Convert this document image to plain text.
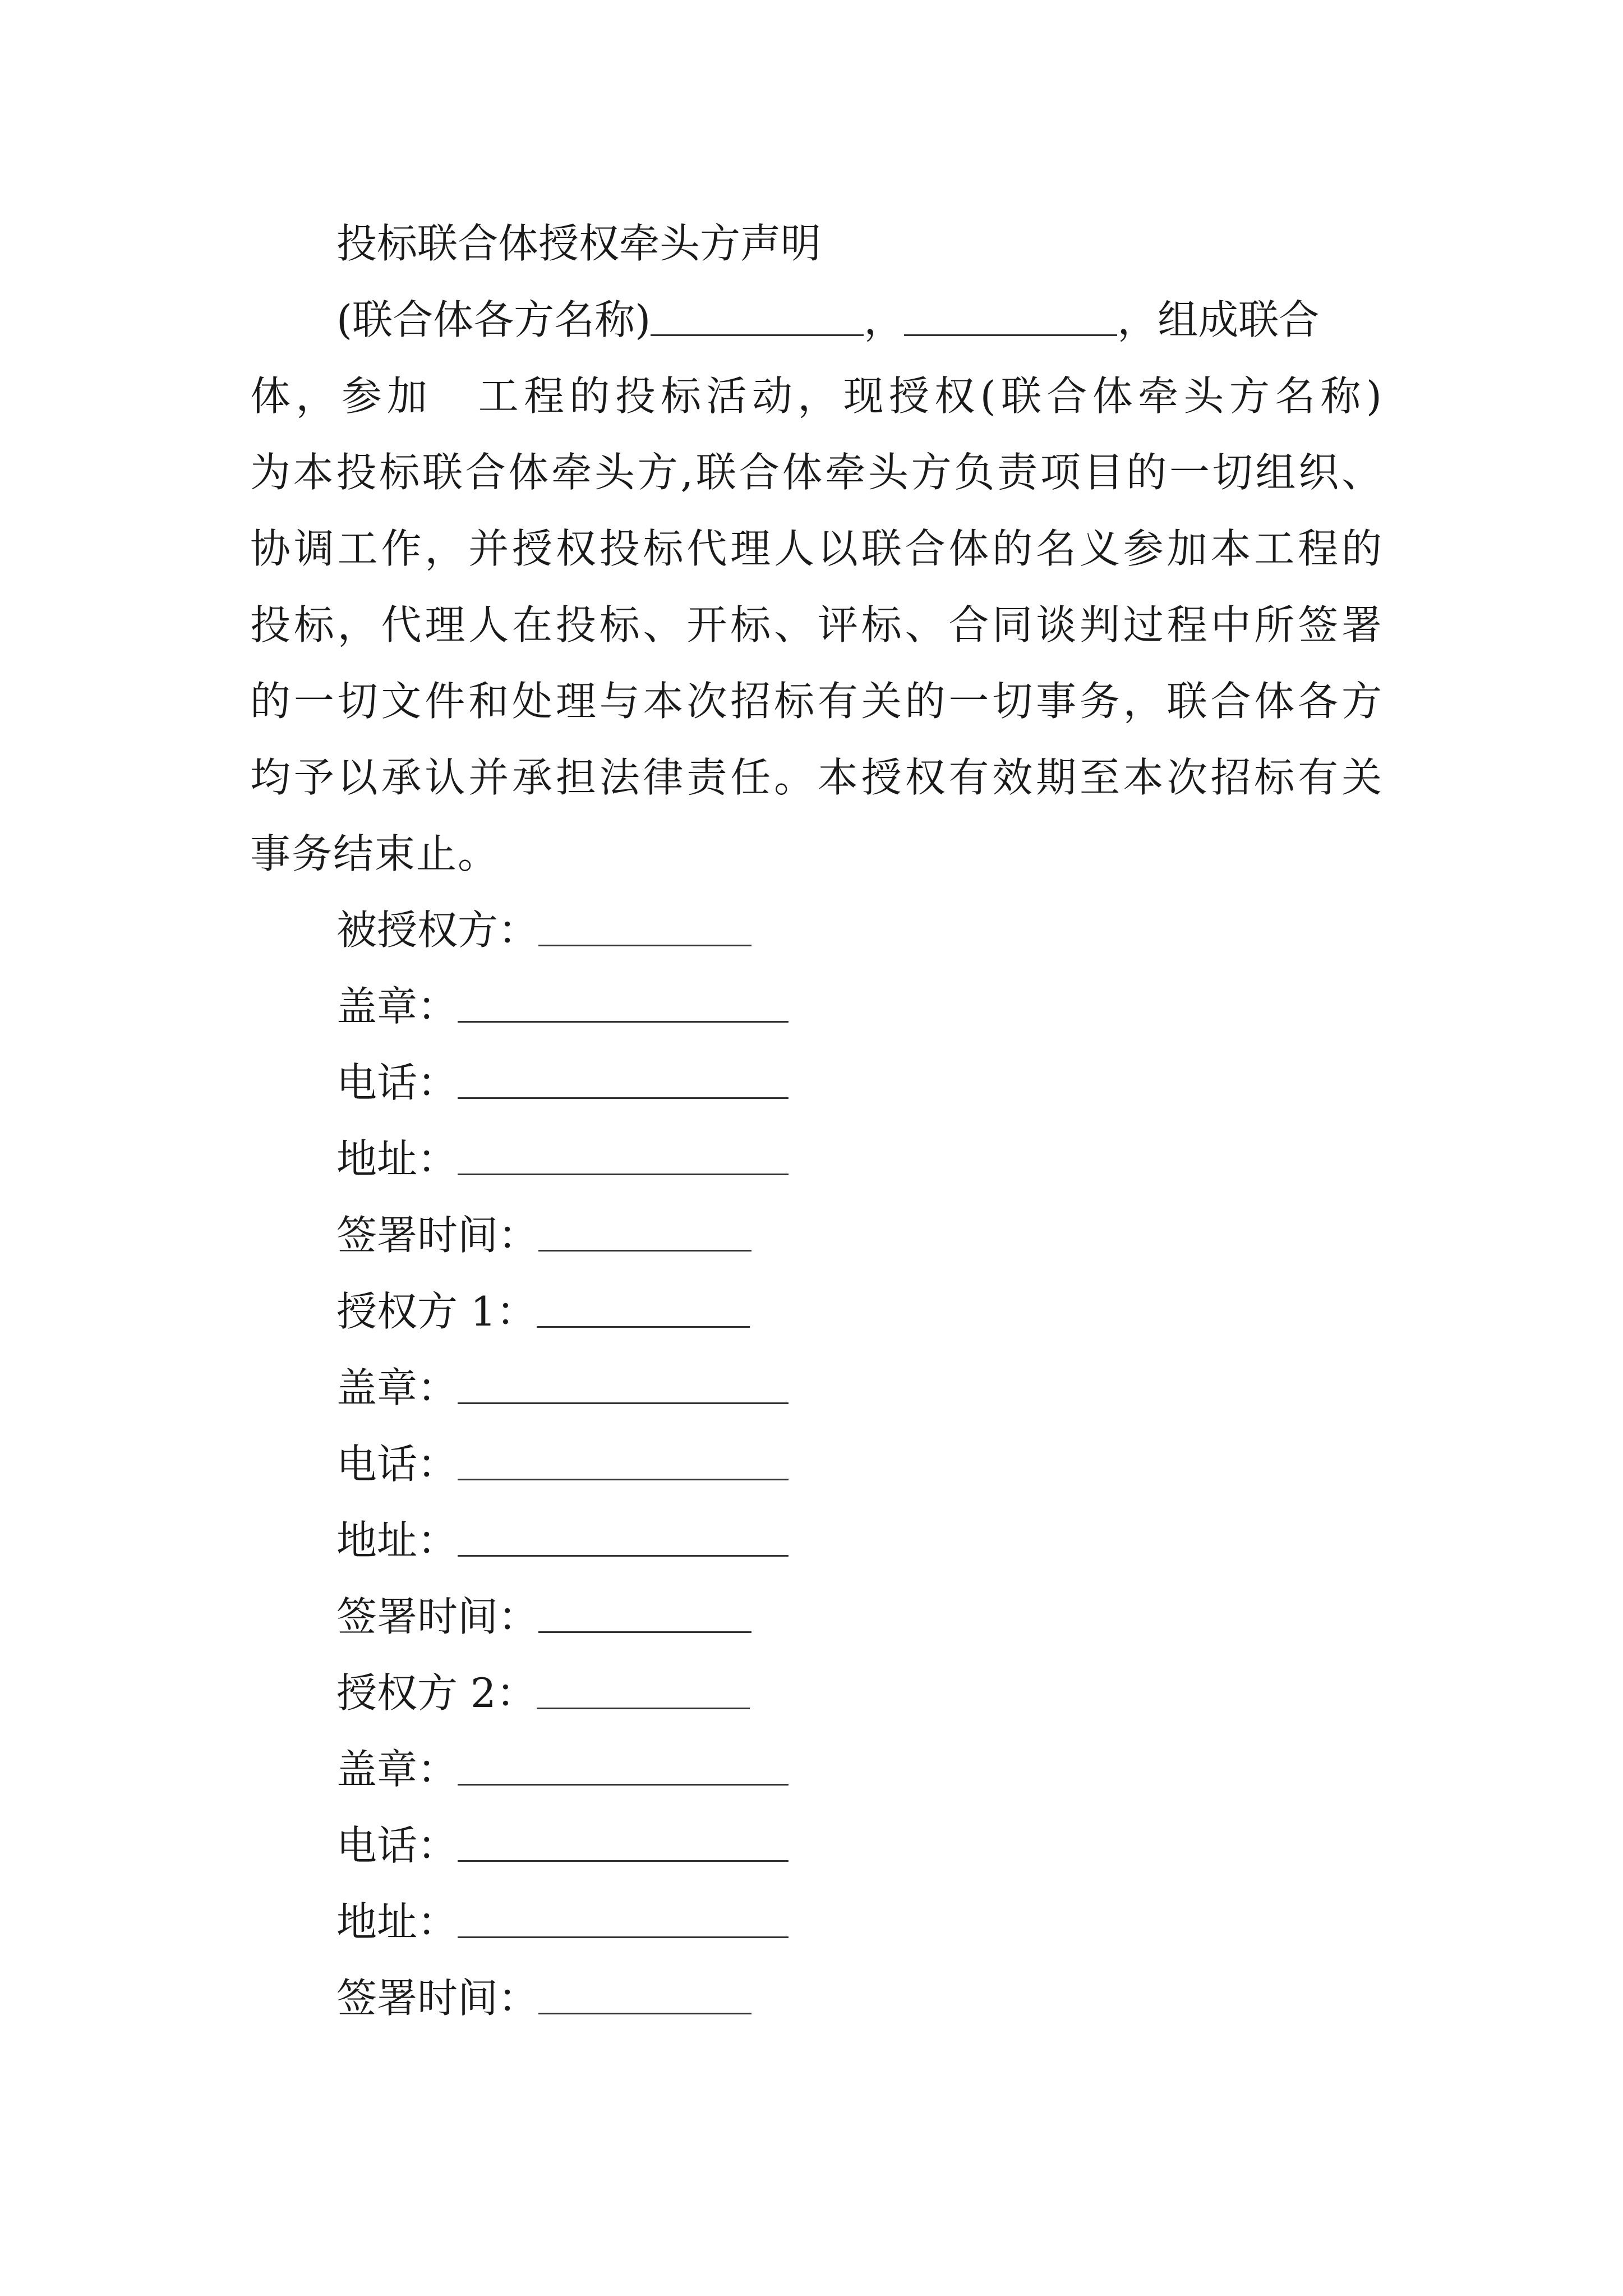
投标联合体授权牵头方声明
(联合体各方名称)	，	，组成联合
体，参加　工程的投标活动，现授权(联合体牵头方名称)
为本投标联合体牵头方,联合体牵头方负责项目的一切组织、
协调工作，并授权投标代理人以联合体的名义参加本工程的
投标，代理人在投标、开标、评标、合同谈判过程中所签署
的一切文件和处理与本次招标有关的一切事务，联合体各方
均予以承认并承担法律责任。本授权有效期至本次招标有关
事务结束止。
被授权方：
盖章：
电话：
地址：
签署时间：
授权方 1：
盖章：
电话：
地址：
签署时间：
授权方 2：
盖章：
电话：
地址：
签署时间：
